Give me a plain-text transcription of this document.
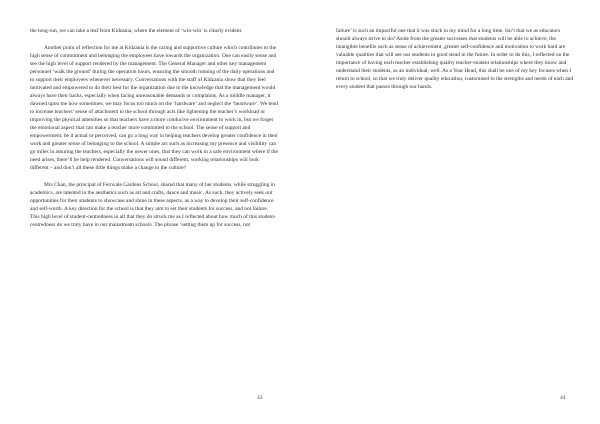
the long-run, we can take a leaf from Kidzania, where the element of ‘win-win’ is clearly evident.

Another point of reflection for me at Kidzania is the caring and supportive culture which contributes to the high sense of commitment and belonging the employees have towards the organization. One can easily sense and see the high level of support rendered by the management. The General Manager and other key management personnel ‘walk the ground’ during the operation hours, ensuring the smooth running of the daily operations and to support their employees whenever necessary. Conversations with the staff of Kidzania show that they feel motivated and empowered to do their best for the organization due to the knowledge that the management would always have their backs, especially when facing unreasonable demands or complaints. As a middle manager, it dawned upon me how sometimes, we may focus too much on the ‘hardware’ and neglect the ‘heartware’. We tend to increase teachers’ sense of attachment to the school through acts like lightening the teacher’s workload or improving the physical amenities so that teachers have a more conducive environment to work in, but we forget the emotional aspect that can make a teacher more committed to the school. The sense of support and empowerment, be it actual or perceived, can go a long way in helping teachers develop greater confidence in their work and greater sense of belonging to the school. A simple act such as increasing my presence and visibility can go miles in assuring the teachers, especially the newer ones, that they can work in a safe environment where if the need arises, there’ll be help rendered. Conversations will sound different, working relationships will look different – and don’t all these little things make a change to the culture?

Mrs Chan, the principal of Fernvale Gardens School, shared that many of her students, while struggling in academics, are talented in the aesthetics such as art and crafts, dance and music. As such, they actively seek out opportunities for their students to showcase and shine in these aspects, as a way to develop their self-confidence and self-worth. A key direction for the school is that they aim to set their students for success, and not failure. This high level of student-centredness in all that they do struck me as I reflected about how much of this student-centredness do we truly have in our mainstream schools. The phrase ‘setting them up for success, not

43

failure’ is such an impactful one that it was stuck in my mind for a long time. Isn’t that we as educators should always strive to do? Aside from the greater successes that students will be able to achieve, the intangible benefits such as sense of achievement, greater self-confidence and motivation to work hard are valuable qualities that will see our students in good stead in the future. In order to do this, I reflected on the importance of having each teacher establishing quality teacher-student relationships where they know and understand their students, as an individual, well. As a Year Head, this shall be one of my key focuses when I return to school, so that we truly deliver quality education, customised to the strengths and needs of each and every student that passes through our hands.

44
